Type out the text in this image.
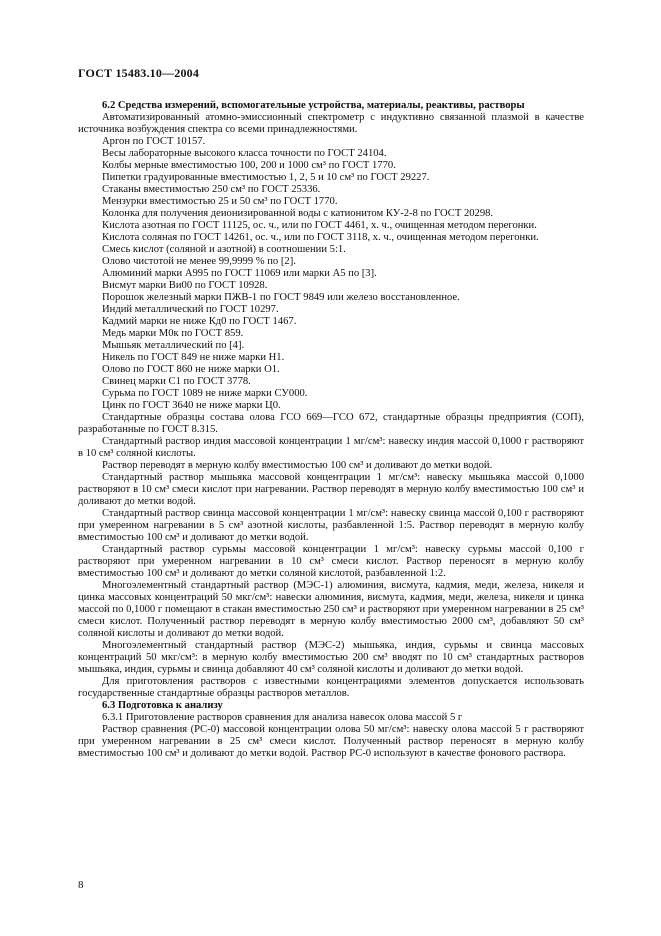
ГОСТ 15483.10—2004

6.2 Средства измерений, вспомогательные устройства, материалы, реактивы, растворы

Автоматизированный атомно-эмиссионный спектрометр с индуктивно связанной плазмой в качестве источника возбуждения спектра со всеми принадлежностями.

Аргон по ГОСТ 10157.

Весы лабораторные высокого класса точности по ГОСТ 24104.

Колбы мерные вместимостью 100, 200 и 1000 см³ по ГОСТ 1770.

Пипетки градуированные вместимостью 1, 2, 5 и 10 см³ по ГОСТ 29227.

Стаканы вместимостью 250 см³ по ГОСТ 25336.

Мензурки вместимостью 25 и 50 см³ по ГОСТ 1770.

Колонка для получения деионизированной воды с катионитом КУ-2-8 по ГОСТ 20298.

Кислота азотная по ГОСТ 11125, ос. ч., или по ГОСТ 4461, х. ч., очищенная методом перегонки.

Кислота соляная по ГОСТ 14261, ос. ч., или по ГОСТ 3118, х. ч., очищенная методом перегонки.

Смесь кислот (соляной и азотной) в соотношении 5:1.

Олово чистотой не менее 99,9999 % по [2].

Алюминий марки А995 по ГОСТ 11069 или марки А5 по [3].

Висмут марки Ви00 по ГОСТ 10928.

Порошок железный марки ПЖВ-1 по ГОСТ 9849 или железо восстановленное.

Индий металлический по ГОСТ 10297.

Кадмий марки не ниже Кд0 по ГОСТ 1467.

Медь марки М0к по ГОСТ 859.

Мышьяк металлический по [4].

Никель по ГОСТ 849 не ниже марки Н1.

Олово по ГОСТ 860 не ниже марки О1.

Свинец марки С1 по ГОСТ 3778.

Сурьма по ГОСТ 1089 не ниже марки СУ000.

Цинк по ГОСТ 3640 не ниже марки Ц0.

Стандартные образцы состава олова ГСО 669—ГСО 672, стандартные образцы предприятия (СОП), разработанные по ГОСТ 8.315.

Стандартный раствор индия массовой концентрации 1 мг/см³: навеску индия массой 0,1000 г растворяют в 10 см³ соляной кислоты.

Раствор переводят в мерную колбу вместимостью 100 см³ и доливают до метки водой.

Стандартный раствор мышьяка массовой концентрации 1 мг/см³: навеску мышьяка массой 0,1000 растворяют в 10 см³ смеси кислот при нагревании. Раствор переводят в мерную колбу вместимостью 100 см³ и доливают до метки водой.

Стандартный раствор свинца массовой концентрации 1 мг/см³: навеску свинца массой 0,100 г растворяют при умеренном нагревании в 5 см³ азотной кислоты, разбавленной 1:5. Раствор переводят в мерную колбу вместимостью 100 см³ и доливают до метки водой.

Стандартный раствор сурьмы массовой концентрации 1 мг/см³: навеску сурьмы массой 0,100 г растворяют при умеренном нагревании в 10 см³ смеси кислот. Раствор переносят в мерную колбу вместимостью 100 см³ и доливают до метки соляной кислотой, разбавленной 1:2.

Многоэлементный стандартный раствор (МЭС-1) алюминия, висмута, кадмия, меди, железа, никеля и цинка массовых концентраций 50 мкг/см³: навески алюминия, висмута, кадмия, меди, железа, никеля и цинка массой по 0,1000 г помещают в стакан вместимостью 250 см³ и растворяют при умеренном нагревании в 25 см³ смеси кислот. Полученный раствор переводят в мерную колбу вместимостью 2000 см³, добавляют 50 см³ соляной кислоты и доливают до метки водой.

Многоэлементный стандартный раствор (МЭС-2) мышьяка, индия, сурьмы и свинца массовых концентраций 50 мкг/см³: в мерную колбу вместимостью 200 см³ вводят по 10 см³ стандартных растворов мышьяка, индия, сурьмы и свинца добавляют 40 см³ соляной кислоты и доливают до метки водой.

Для приготовления растворов с известными концентрациями элементов допускается использовать государственные стандартные образцы растворов металлов.

6.3 Подготовка к анализу

6.3.1 Приготовление растворов сравнения для анализа навесок олова массой 5 г

Раствор сравнения (РС-0) массовой концентрации олова 50 мг/см³: навеску олова массой 5 г растворяют при умеренном нагревании в 25 см³ смеси кислот. Полученный раствор переносят в мерную колбу вместимостью 100 см³ и доливают до метки водой. Раствор РС-0 используют в качестве фонового раствора.

8
